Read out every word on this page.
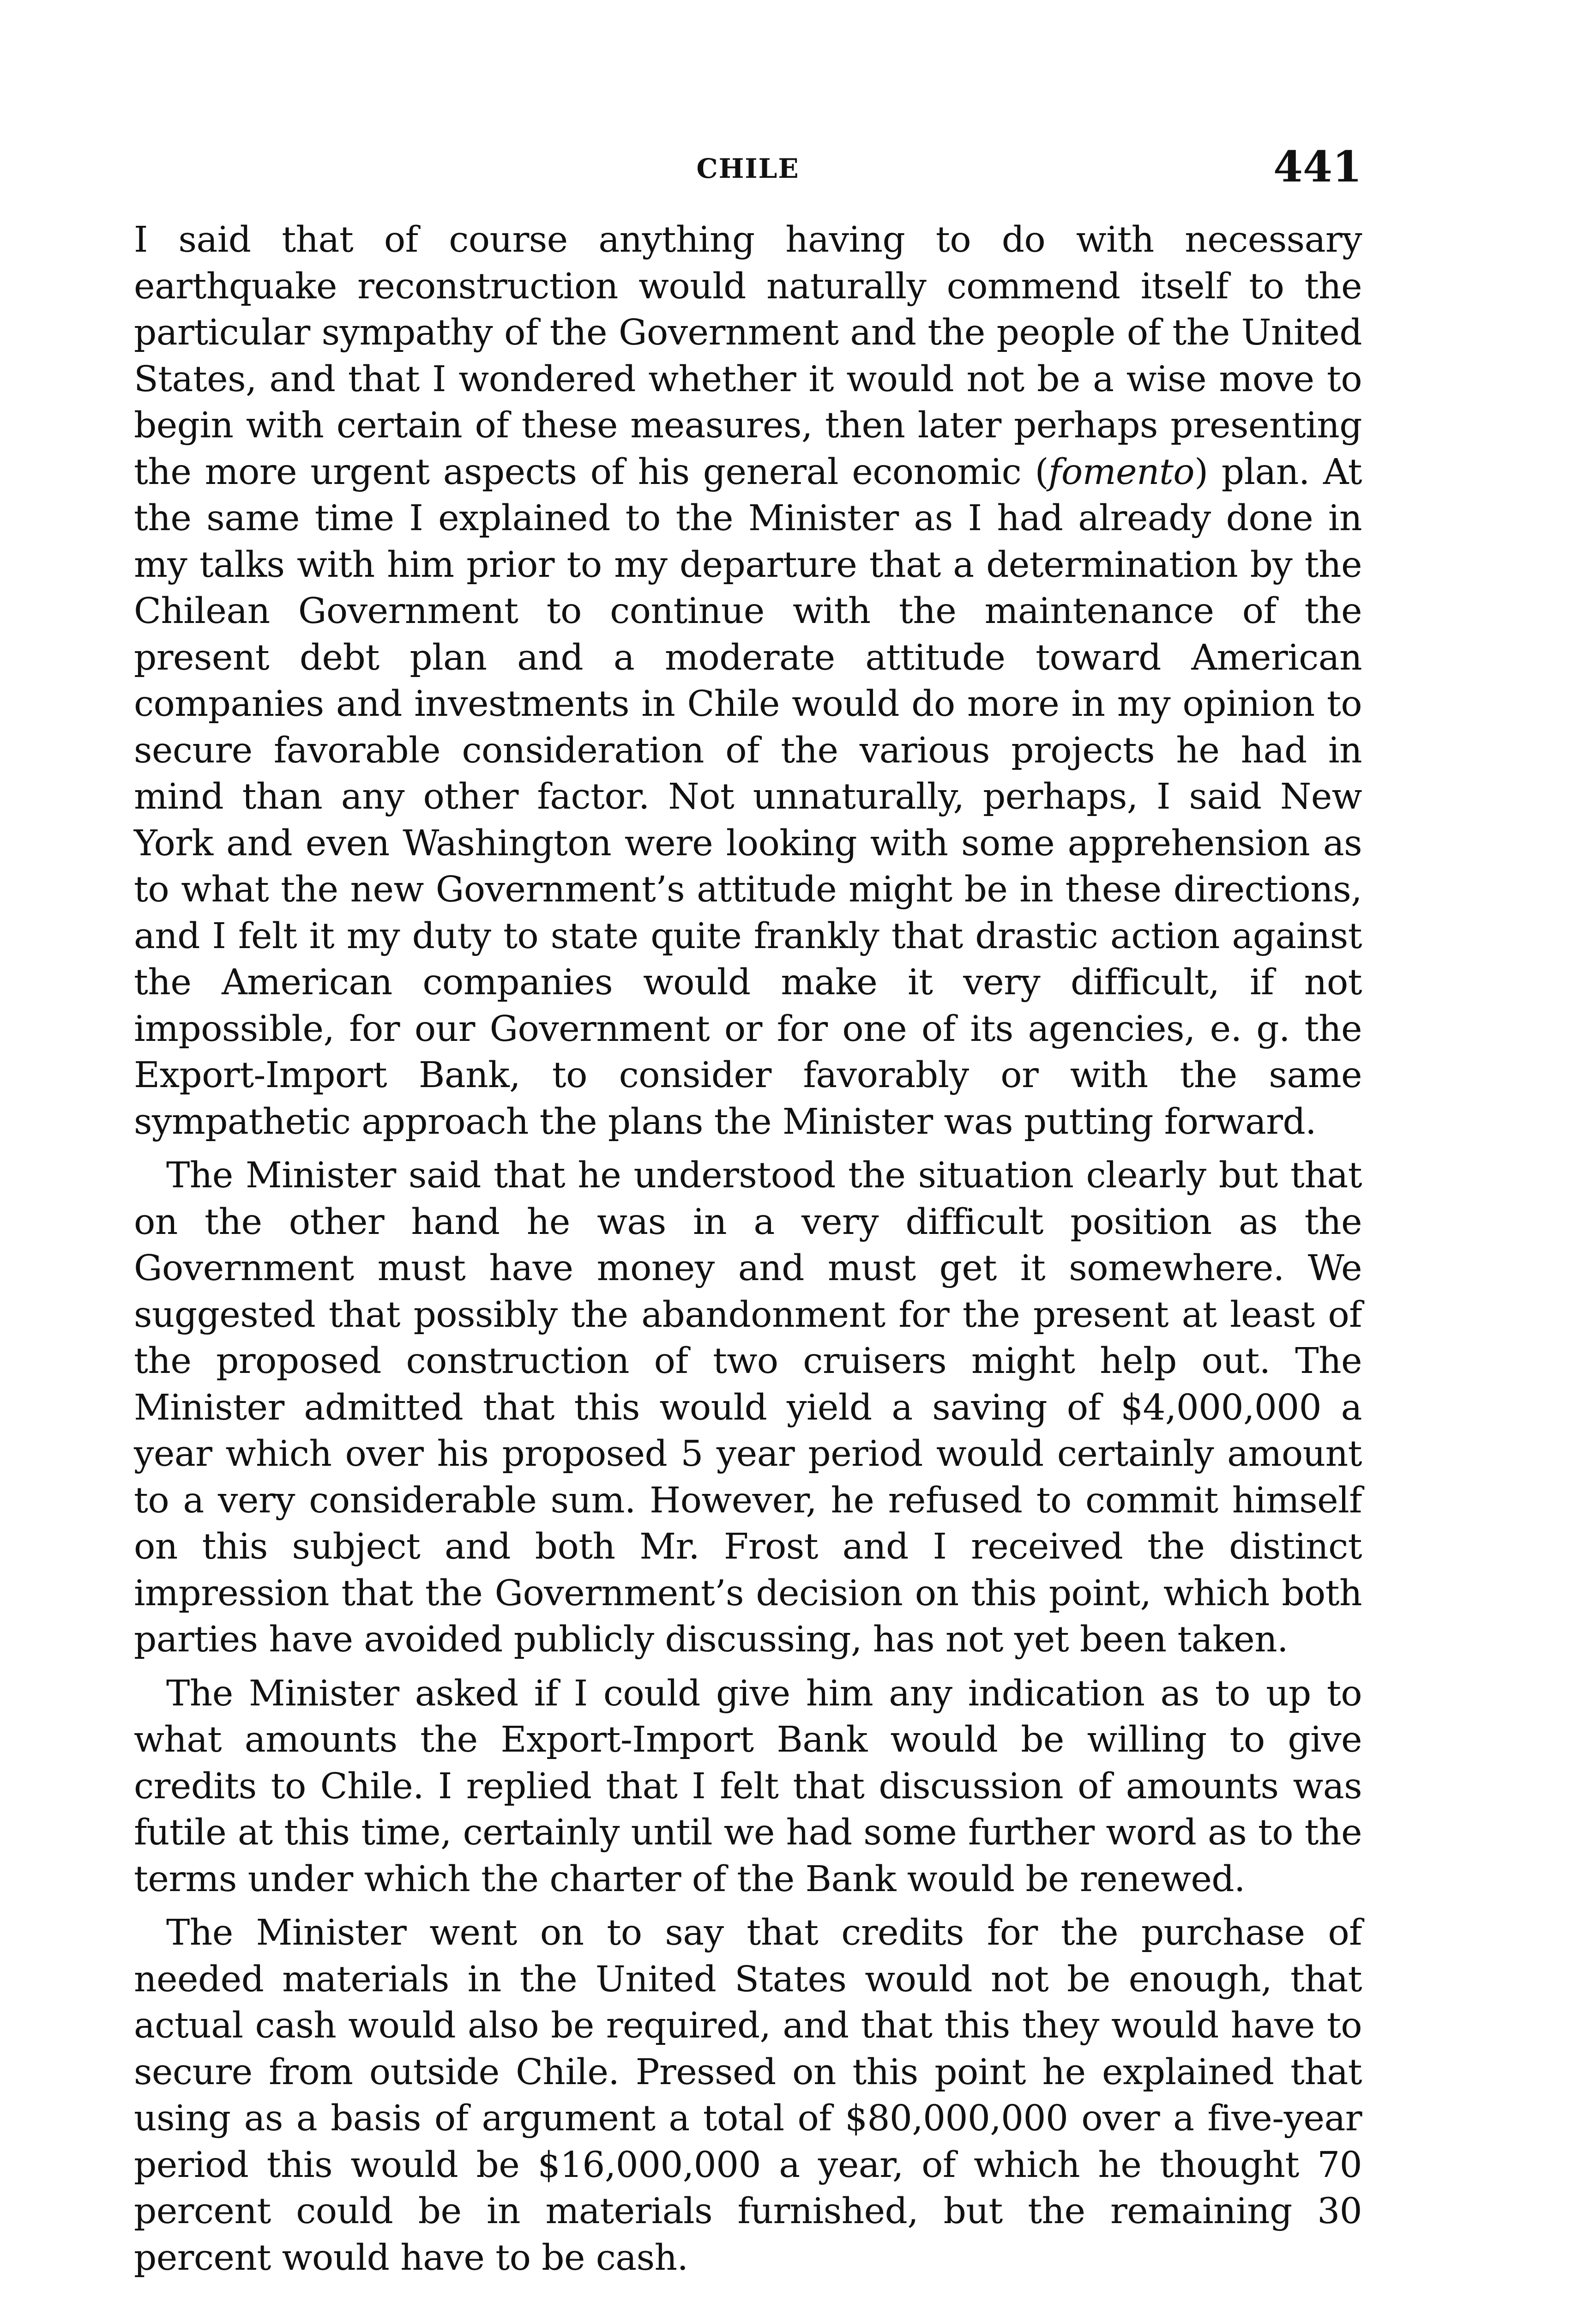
CHILE	441

I said that of course anything having to do with necessary earthquake reconstruction would naturally commend itself to the particular sympathy of the Government and the people of the United States, and that I wondered whether it would not be a wise move to begin with certain of these measures, then later perhaps presenting the more urgent aspects of his general economic (fomento) plan. At the same time I explained to the Minister as I had already done in my talks with him prior to my departure that a determination by the Chilean Government to continue with the maintenance of the present debt plan and a moderate attitude toward American companies and investments in Chile would do more in my opinion to secure favorable consideration of the various projects he had in mind than any other factor. Not unnaturally, perhaps, I said New York and even Washington were looking with some apprehension as to what the new Government’s attitude might be in these directions, and I felt it my duty to state quite frankly that drastic action against the American companies would make it very difficult, if not impossible, for our Government or for one of its agencies, e. g. the Export-Import Bank, to consider favorably or with the same sympathetic approach the plans the Minister was putting forward.

The Minister said that he understood the situation clearly but that on the other hand he was in a very difficult position as the Government must have money and must get it somewhere. We suggested that possibly the abandonment for the present at least of the proposed construction of two cruisers might help out. The Minister admitted that this would yield a saving of $4,000,000 a year which over his proposed 5 year period would certainly amount to a very considerable sum. However, he refused to commit himself on this subject and both Mr. Frost and I received the distinct impression that the Government’s decision on this point, which both parties have avoided publicly discussing, has not yet been taken.

The Minister asked if I could give him any indication as to up to what amounts the Export-Import Bank would be willing to give credits to Chile. I replied that I felt that discussion of amounts was futile at this time, certainly until we had some further word as to the terms under which the charter of the Bank would be renewed.

The Minister went on to say that credits for the purchase of needed materials in the United States would not be enough, that actual cash would also be required, and that this they would have to secure from outside Chile. Pressed on this point he explained that using as a basis of argument a total of $80,000,000 over a five-year period this would be $16,000,000 a year, of which he thought 70 percent could be in materials furnished, but the remaining 30 percent would have to be cash.
